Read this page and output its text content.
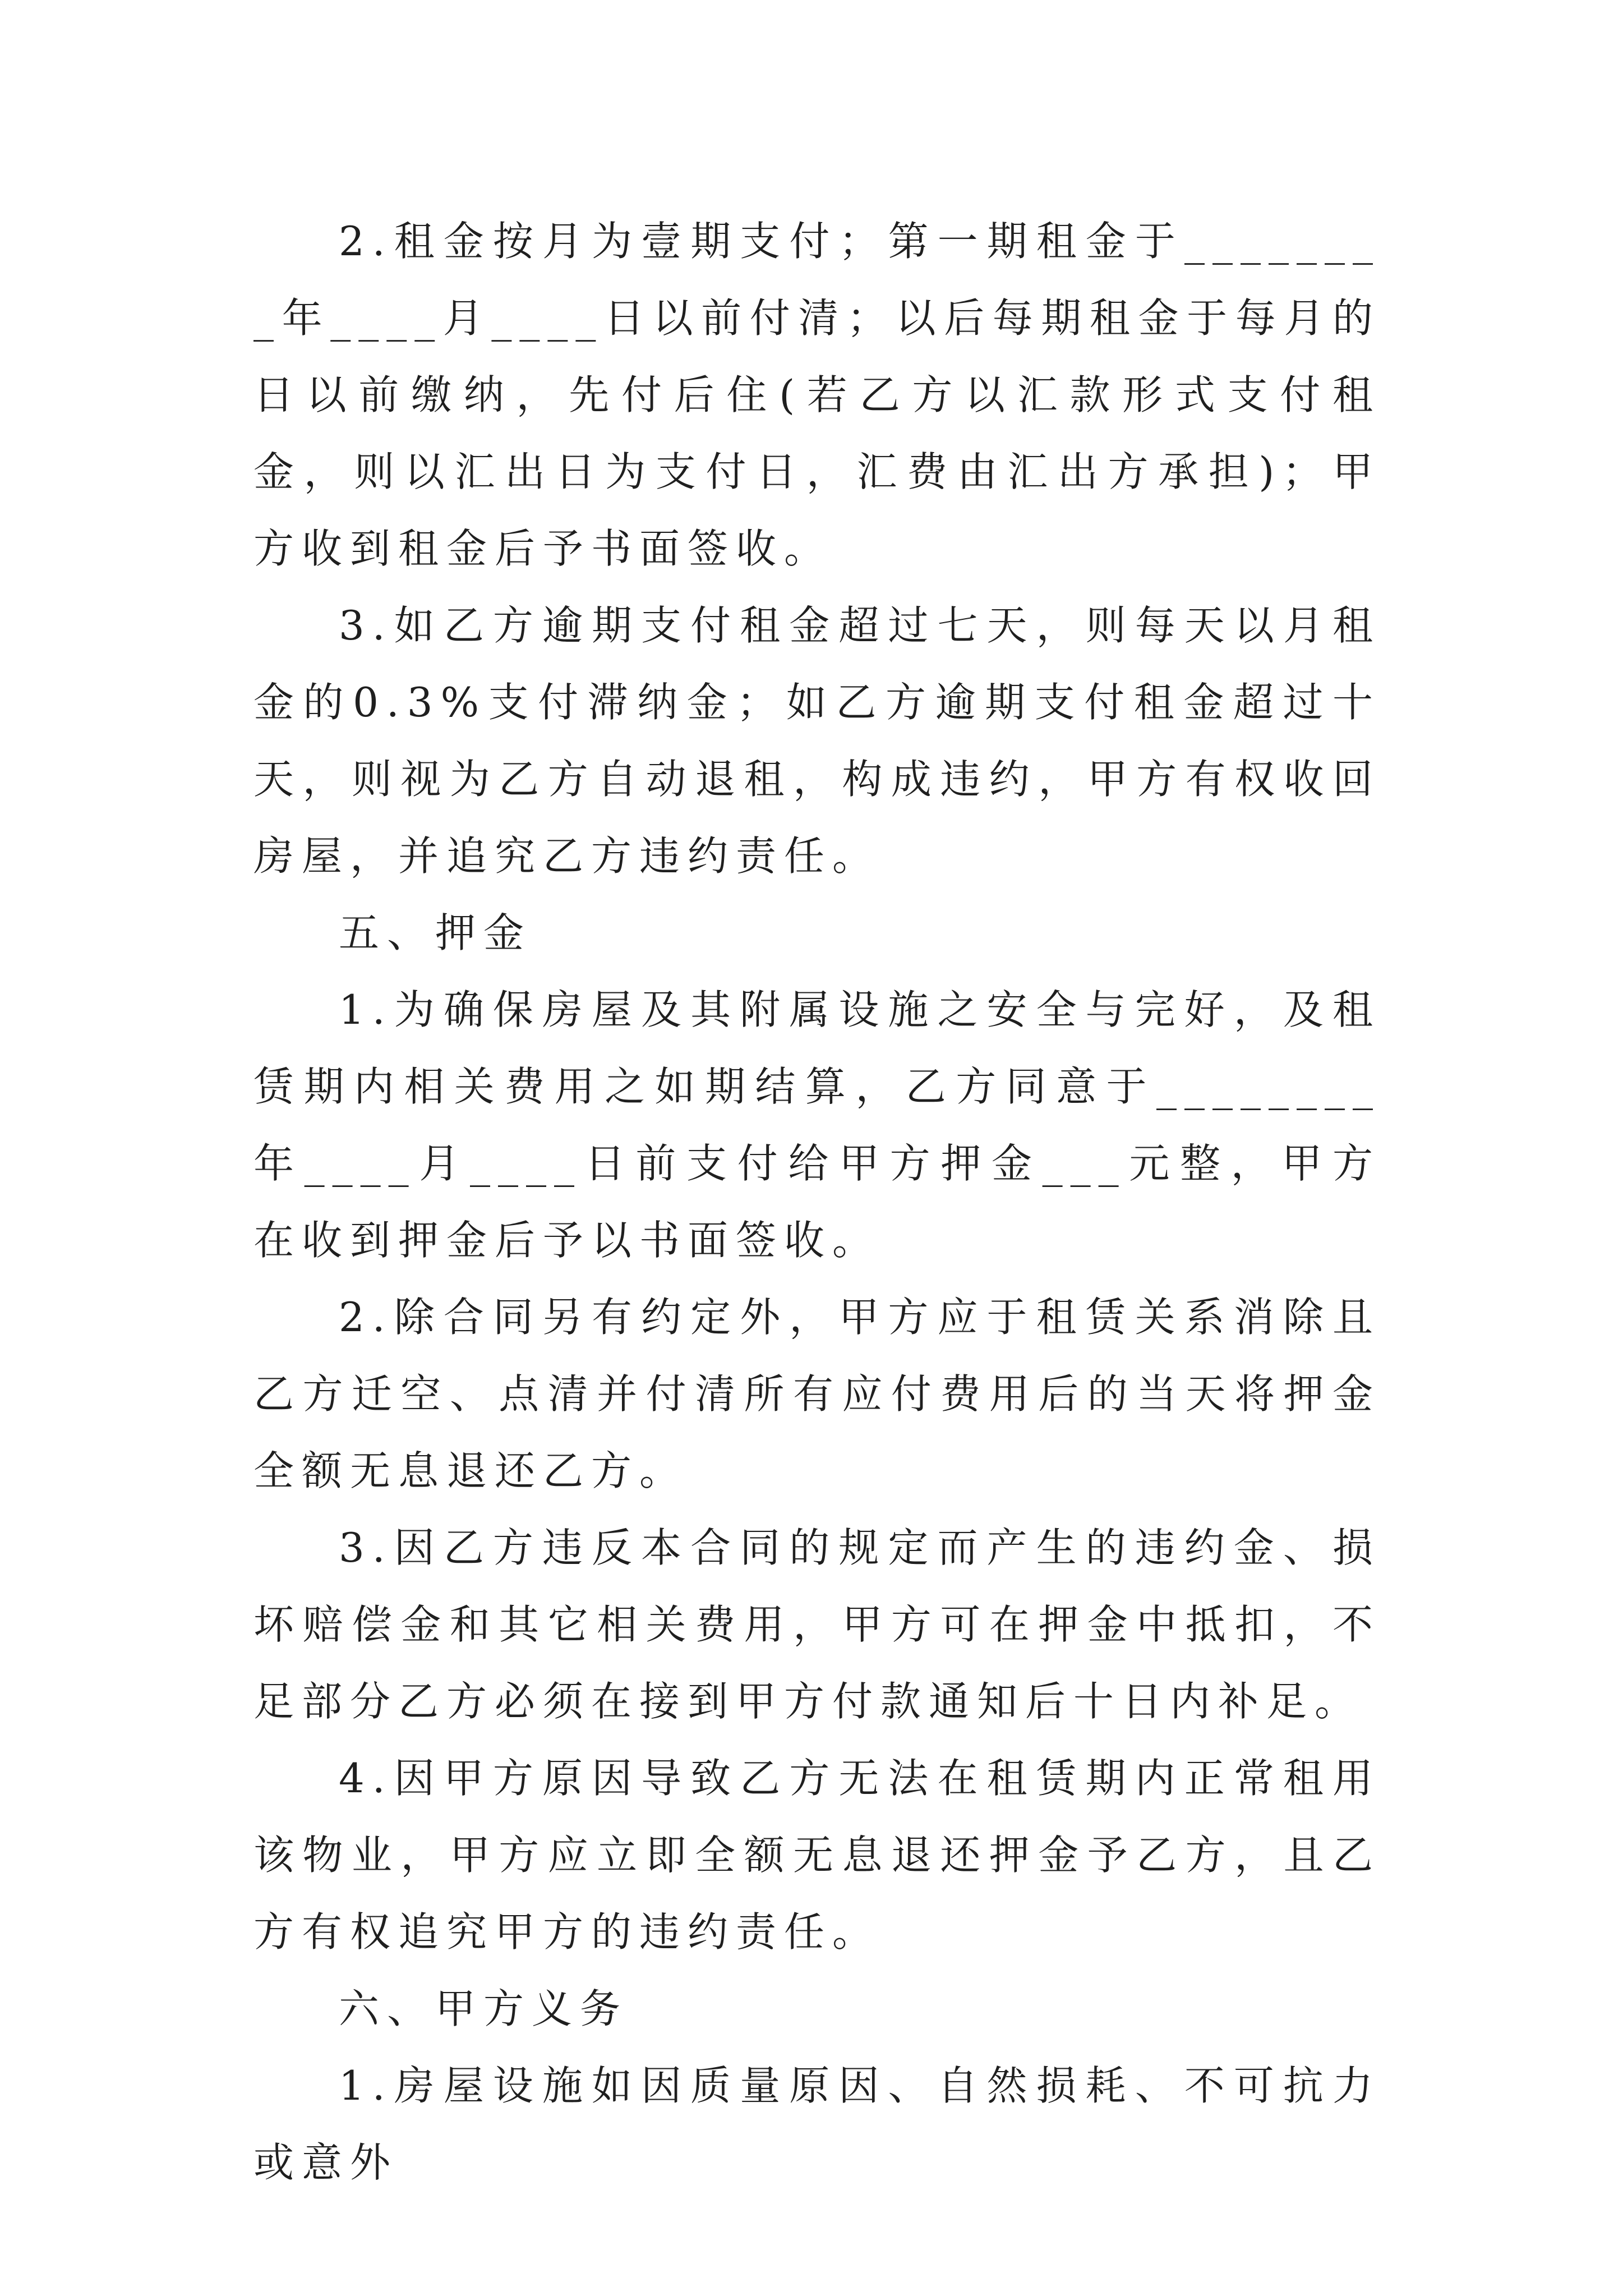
2.租金按月为壹期支付；第一期租金于________年____月____日以前付清；以后每期租金于每月的日以前缴纳，先付后住(若乙方以汇款形式支付租金，则以汇出日为支付日，汇费由汇出方承担)；甲方收到租金后予书面签收。

3.如乙方逾期支付租金超过七天，则每天以月租金的0.3%支付滞纳金；如乙方逾期支付租金超过十天，则视为乙方自动退租，构成违约，甲方有权收回房屋，并追究乙方违约责任。

五、押金

1.为确保房屋及其附属设施之安全与完好，及租赁期内相关费用之如期结算，乙方同意于________年____月____日前支付给甲方押金___元整，甲方在收到押金后予以书面签收。

2.除合同另有约定外，甲方应于租赁关系消除且乙方迁空、点清并付清所有应付费用后的当天将押金全额无息退还乙方。

3.因乙方违反本合同的规定而产生的违约金、损坏赔偿金和其它相关费用，甲方可在押金中抵扣，不足部分乙方必须在接到甲方付款通知后十日内补足。

4.因甲方原因导致乙方无法在租赁期内正常租用该物业，甲方应立即全额无息退还押金予乙方，且乙方有权追究甲方的违约责任。

六、甲方义务

1.房屋设施如因质量原因、自然损耗、不可抗力或意外
